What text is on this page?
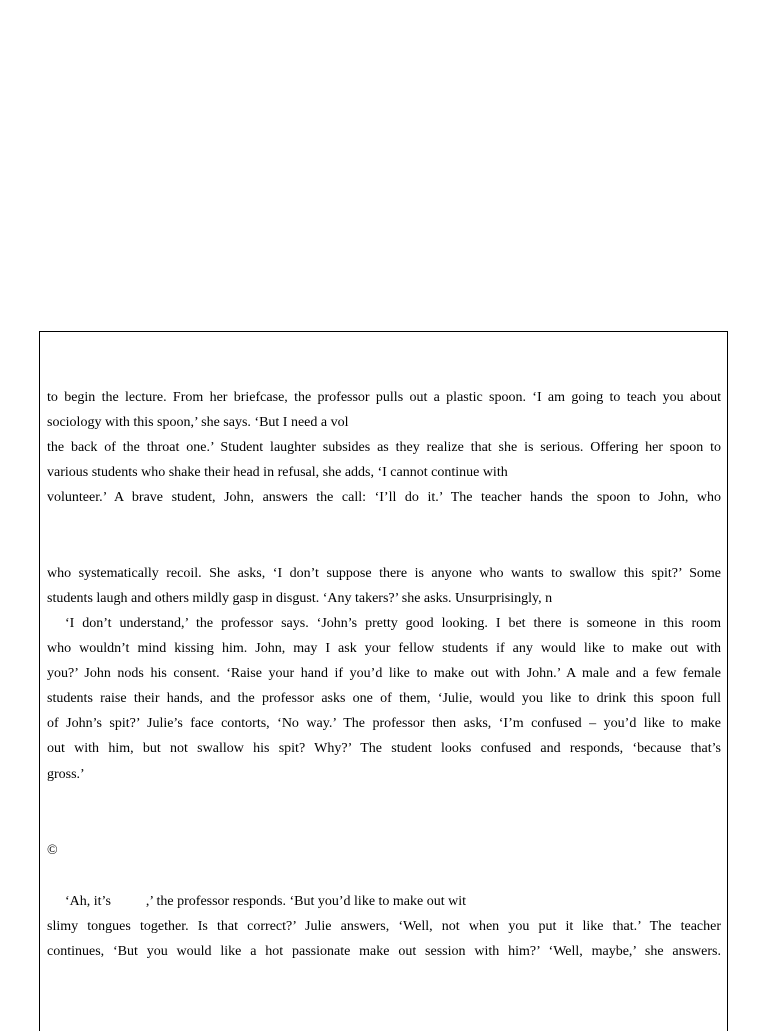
to begin the lecture. From her briefcase, the professor pulls out a plastic spoon. ‘I am going to teach you about
sociology with this spoon,’ she says. ‘But I need a vol
the back of the throat one.’ Student laughter subsides as they realize that she is serious. Offering her spoon to
various students who shake their head in refusal, she adds, ‘I cannot continue with
volunteer.’ A brave student, John, answers the call: ‘I’ll do it.’ The teacher hands the spoon to John, who
who systematically recoil. She asks, ‘I don’t suppose there is anyone who wants to swallow this spit?’ Some
students laugh and others mildly gasp in disgust. ‘Any takers?’ she asks. Unsurprisingly, n
‘I don’t understand,’ the professor says. ‘John’s pretty good looking. I bet there is someone in this room
who wouldn’t mind kissing him. John, may I ask your fellow students if any would like to make out with
you?’ John nods his consent. ‘Raise your hand if you’d like to make out with John.’ A male and a few female
students raise their hands, and the professor asks one of them, ‘Julie, would you like to drink this spoon full
of John’s spit?’ Julie’s face contorts, ‘No way.’ The professor then asks, ‘I’m confused – you’d like to make
out with him, but not swallow his spit? Why?’ The student looks confused and responds, ‘because that’s
gross.’
©
‘Ah, it’s          ,’ the professor responds. ‘But you’d like to make out wit
slimy tongues together. Is that correct?’ Julie answers, ‘Well, not when you put it like that.’ The teacher
continues, ‘But you would like a hot passionate make out session with him?’ ‘Well, maybe,’ she answers.
